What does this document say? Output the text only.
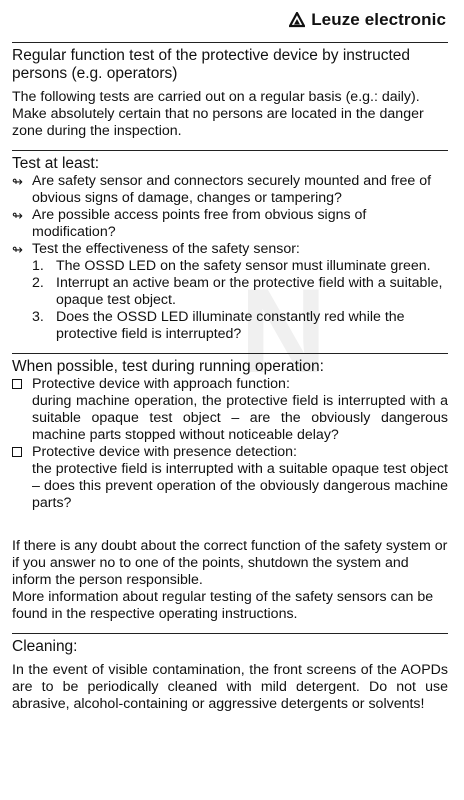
Leuze electronic
N
Regular function test of the protective device by instructed persons (e.g. operators)

The following tests are carried out on a regular basis (e.g.: daily). Make absolutely certain that no persons are located in the danger zone during the inspection.

Test at least:
↬ Are safety sensor and connectors securely mounted and free of obvious signs of damage, changes or tampering?
↬ Are possible access points free from obvious signs of modification?
↬ Test the effectiveness of the safety sensor:
1. The OSSD LED on the safety sensor must illuminate green.
2. Interrupt an active beam or the protective field with a suitable, opaque test object.
3. Does the OSSD LED illuminate constantly red while the protective field is interrupted?
When possible, test during running operation:
Protective device with approach function:

during machine operation, the protective field is interrupted with a suitable opaque test object – are the obviously dangerous machine parts stopped without noticeable delay?

Protective device with presence detection:

the protective field is interrupted with a suitable opaque test object – does this prevent operation of the obviously dangerous machine parts?

If there is any doubt about the correct function of the safety system or if you answer no to one of the points, shutdown the system and inform the person responsible.

More information about regular testing of the safety sensors can be found in the respective operating instructions.

Cleaning:

In the event of visible contamination, the front screens of the AOPDs are to be periodically cleaned with mild detergent. Do not use abrasive, alcohol-containing or aggressive detergents or solvents!
